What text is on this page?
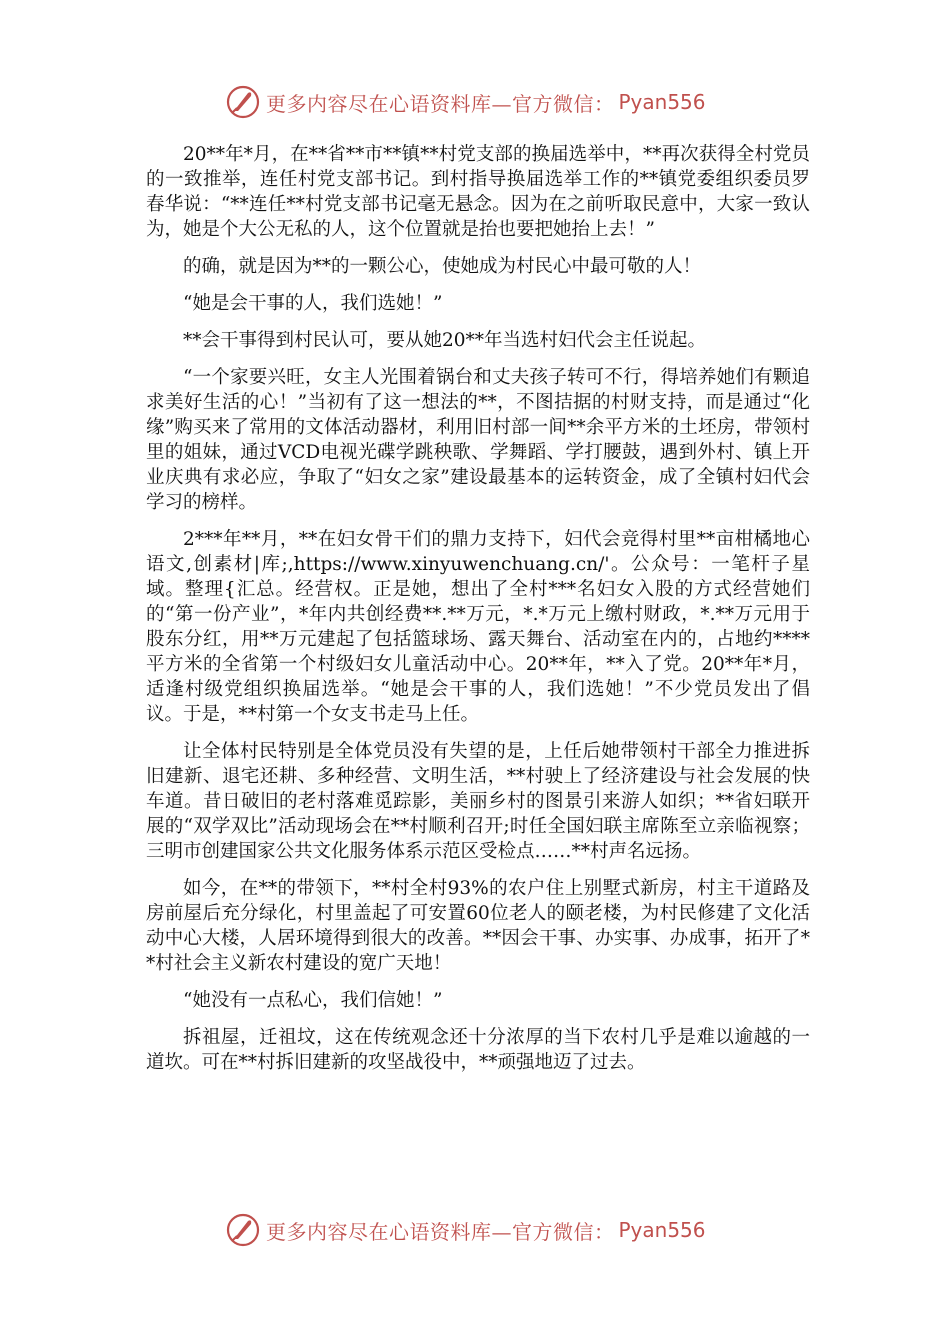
更多内容尽在心语资料库—官方微信： Pyan556

20**年*月，在**省**市**镇**村党支部的换届选举中，**再次获得全村党员的一致推举，连任村党支部书记。到村指导换届选举工作的**镇党委组织委员罗春华说：“**连任**村党支部书记毫无悬念。因为在之前听取民意中，大家一致认为，她是个大公无私的人，这个位置就是抬也要把她抬上去！”

的确，就是因为**的一颗公心，使她成为村民心中最可敬的人！

“她是会干事的人，我们选她！”

**会干事得到村民认可，要从她20**年当选村妇代会主任说起。

“一个家要兴旺，女主人光围着锅台和丈夫孩子转可不行，得培养她们有颗追求美好生活的心！”当初有了这一想法的**，不图拮据的村财支持，而是通过“化缘”购买来了常用的文体活动器材，利用旧村部一间**余平方米的土坯房，带领村里的姐妹，通过VCD电视光碟学跳秧歌、学舞蹈、学打腰鼓，遇到外村、镇上开业庆典有求必应，争取了“妇女之家”建设最基本的运转资金，成了全镇村妇代会学习的榜样。

2***年**月，**在妇女骨干们的鼎力支持下，妇代会竞得村里**亩柑橘地心语文,创素材|库;,https://www.xinyuwenchuang.cn/'。公众号：一笔杆子星域。整理{汇总。经营权。正是她，想出了全村***名妇女入股的方式经营她们的“第一份产业”，*年内共创经费**.**万元，*.*万元上缴村财政，*.**万元用于股东分红，用**万元建起了包括篮球场、露天舞台、活动室在内的，占地约****平方米的全省第一个村级妇女儿童活动中心。20**年，**入了党。20**年*月，适逢村级党组织换届选举。“她是会干事的人，我们选她！”不少党员发出了倡议。于是，**村第一个女支书走马上任。

让全体村民特别是全体党员没有失望的是，上任后她带领村干部全力推进拆旧建新、退宅还耕、多种经营、文明生活，**村驶上了经济建设与社会发展的快车道。昔日破旧的老村落难觅踪影，美丽乡村的图景引来游人如织；**省妇联开展的“双学双比”活动现场会在**村顺利召开;时任全国妇联主席陈至立亲临视察；三明市创建国家公共文化服务体系示范区受检点……**村声名远扬。

如今，在**的带领下，**村全村93%的农户住上别墅式新房，村主干道路及房前屋后充分绿化，村里盖起了可安置60位老人的颐老楼，为村民修建了文化活动中心大楼，人居环境得到很大的改善。**因会干事、办实事、办成事，拓开了**村社会主义新农村建设的宽广天地！

“她没有一点私心，我们信她！”

拆祖屋，迁祖坟，这在传统观念还十分浓厚的当下农村几乎是难以逾越的一道坎。可在**村拆旧建新的攻坚战役中，**顽强地迈了过去。

更多内容尽在心语资料库—官方微信： Pyan556
